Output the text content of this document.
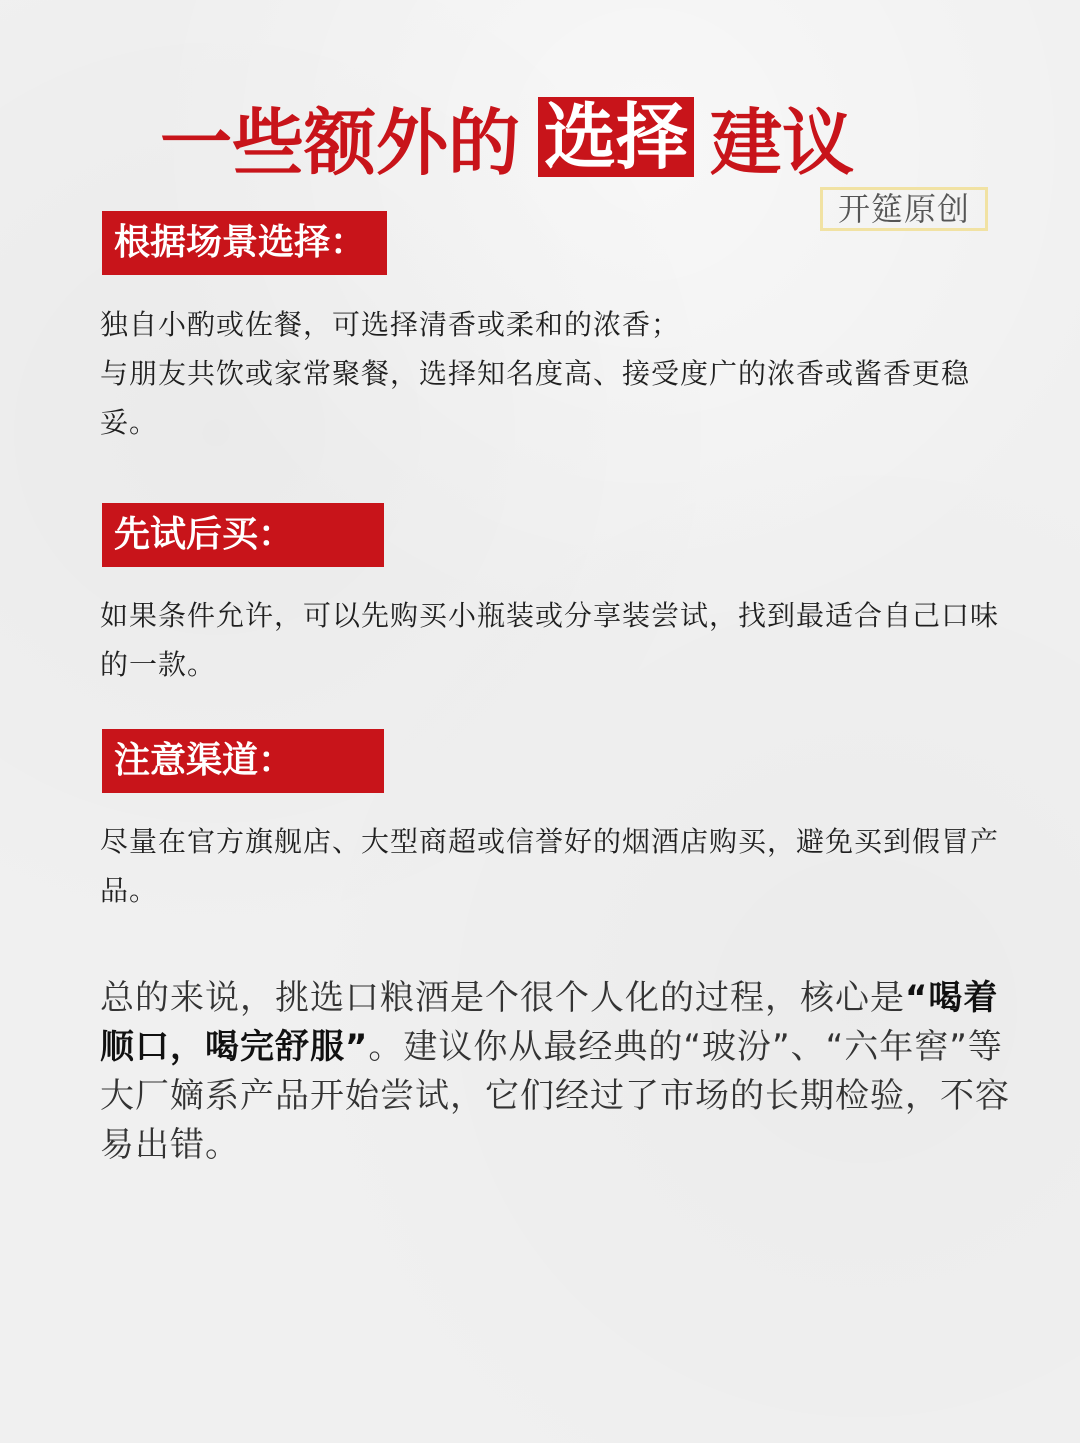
一些额外的 选择 建议
开筵原创
根据场景选择：

独自小酌或佐餐，可选择清香或柔和的浓香；

与朋友共饮或家常聚餐，选择知名度高、接受度广的浓香或酱香更稳妥。

先试后买：

如果条件允许，可以先购买小瓶装或分享装尝试，找到最适合自己口味的一款。

注意渠道：

尽量在官方旗舰店、大型商超或信誉好的烟酒店购买，避免买到假冒产品。

总的来说，挑选口粮酒是个很个人化的过程，核心是“喝着顺口，喝完舒服”。建议你从最经典的“玻汾”、“六年窖”等大厂嫡系产品开始尝试，它们经过了市场的长期检验，不容易出错。
